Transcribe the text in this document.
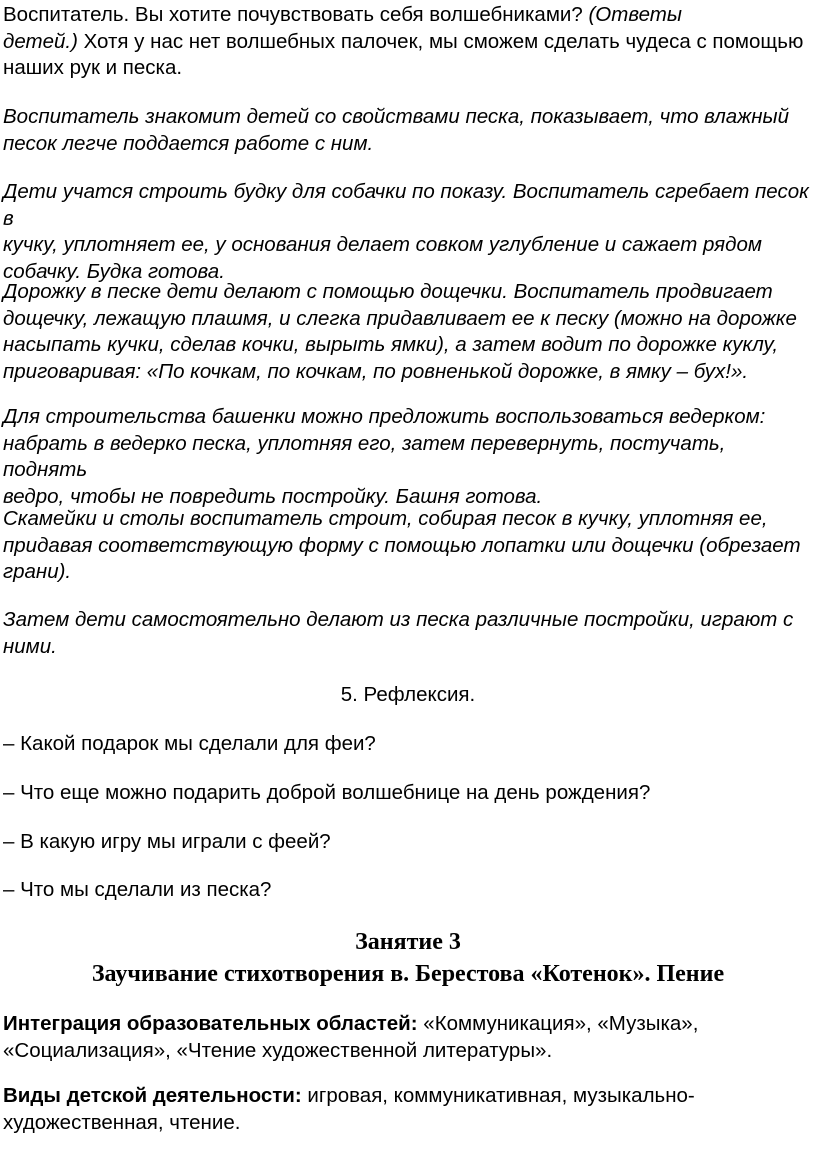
Воспитатель. Вы хотите почувствовать себя волшебниками? (Ответы
детей.) Хотя у нас нет волшебных палочек, мы сможем сделать чудеса с помощью
наших рук и песка.
Воспитатель знакомит детей со свойствами песка, показывает, что влажный
песок легче поддается работе с ним.
Дети учатся строить будку для собачки по показу. Воспитатель сгребает песок в
кучку, уплотняет ее, у основания делает совком углубление и сажает рядом
собачку. Будка готова.
Дорожку в песке дети делают с помощью дощечки. Воспитатель продвигает
дощечку, лежащую плашмя, и слегка придавливает ее к песку (можно на дорожке
насыпать кучки, сделав кочки, вырыть ямки), а затем водит по дорожке куклу,
приговаривая: «По кочкам, по кочкам, по ровненькой дорожке, в ямку – бух!».
Для строительства башенки можно предложить воспользоваться ведерком:
набрать в ведерко песка, уплотняя его, затем перевернуть, постучать, поднять
ведро, чтобы не повредить постройку. Башня готова.
Скамейки и столы воспитатель строит, собирая песок в кучку, уплотняя ее,
придавая соответствующую форму с помощью лопатки или дощечки (обрезает
грани).
Затем дети самостоятельно делают из песка различные постройки, играют с
ними.
5. Рефлексия.
– Какой подарок мы сделали для феи?
– Что еще можно подарить доброй волшебнице на день рождения?
– В какую игру мы играли с феей?
– Что мы сделали из песка?
Занятие 3
Заучивание стихотворения в. Берестова «Котенок». Пение
Интеграция образовательных областей: «Коммуникация», «Музыка»,
«Социализация», «Чтение художественной литературы».
Виды детской деятельности: игровая, коммуникативная, музыкально-
художественная, чтение.
